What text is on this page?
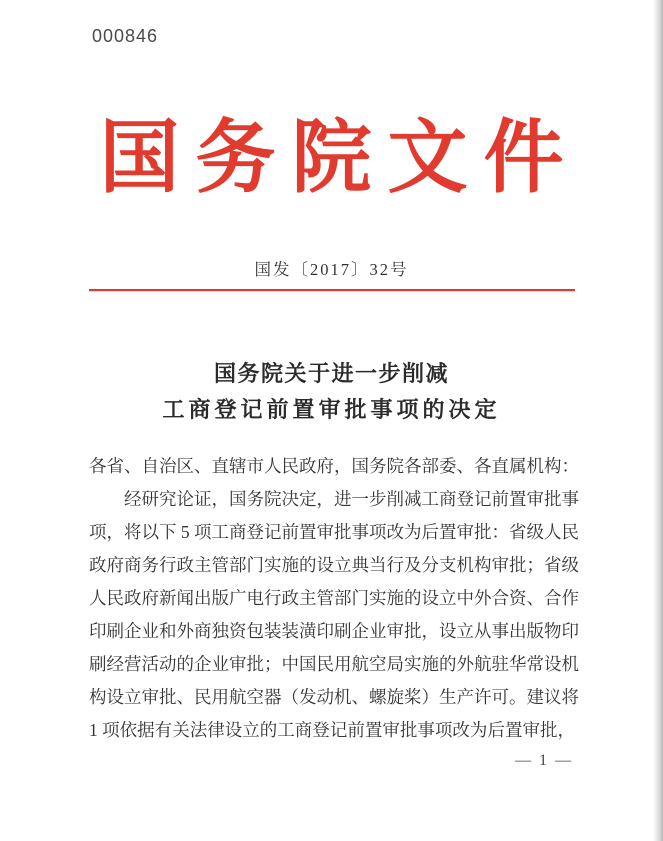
000846
国务院文件
国发〔2017〕32号
国务院关于进一步削减
工商登记前置审批事项的决定
各省、自治区、直辖市人民政府，国务院各部委、各直属机构：
经研究论证，国务院决定，进一步削减工商登记前置审批事
项，将以下 5 项工商登记前置审批事项改为后置审批：省级人民
政府商务行政主管部门实施的设立典当行及分支机构审批；省级
人民政府新闻出版广电行政主管部门实施的设立中外合资、合作
印刷企业和外商独资包装装潢印刷企业审批，设立从事出版物印
刷经营活动的企业审批；中国民用航空局实施的外航驻华常设机
构设立审批、民用航空器（发动机、螺旋桨）生产许可。建议将
1 项依据有关法律设立的工商登记前置审批事项改为后置审批，
— 1 —
